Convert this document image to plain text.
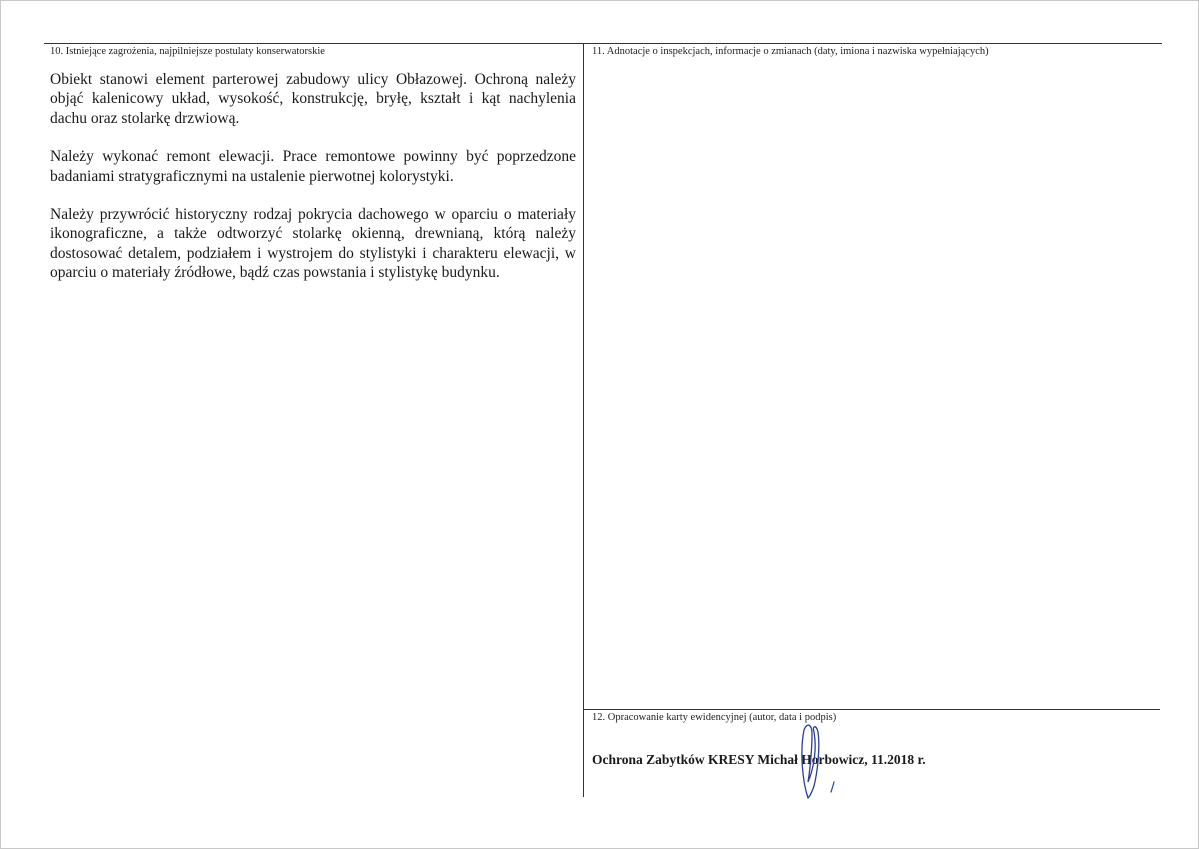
10. Istniejące zagrożenia, najpilniejsze postulaty konserwatorskie

Obiekt stanowi element parterowej zabudowy ulicy Obłazowej. Ochroną należy objąć kalenicowy układ, wysokość, konstrukcję, bryłę, kształt i kąt nachylenia dachu oraz stolarkę drzwiową.

Należy wykonać remont elewacji. Prace remontowe powinny być poprzedzone badaniami stratygraficznymi na ustalenie pierwotnej kolorystyki.

Należy przywrócić historyczny rodzaj pokrycia dachowego w oparciu o materiały ikonograficzne, a także odtworzyć stolarkę okienną, drewnianą, którą należy dostosować detalem, podziałem i wystrojem do stylistyki i charakteru elewacji, w oparciu o materiały źródłowe, bądź czas powstania i stylistykę budynku.

11. Adnotacje o inspekcjach, informacje o zmianach (daty, imiona i nazwiska wypełniających)
12. Opracowanie karty ewidencyjnej (autor, data i podpis)
Ochrona Zabytków KRESY Michał Horbowicz, 11.2018 r.
